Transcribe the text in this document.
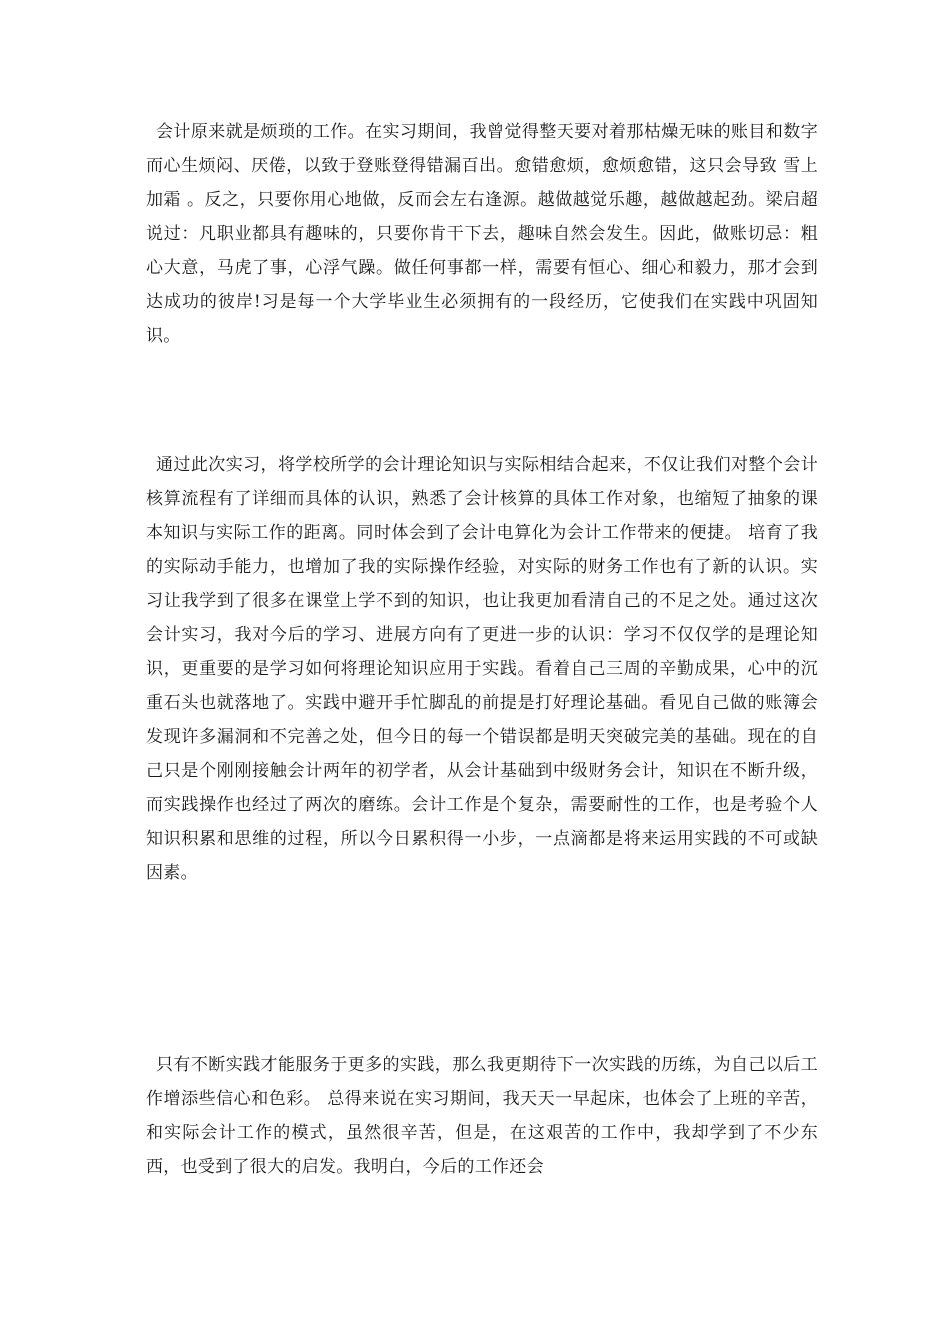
会计原来就是烦琐的工作。在实习期间，我曾觉得整天要对着那枯燥无味的账目和数字而心生烦闷、厌倦，以致于登账登得错漏百出。愈错愈烦，愈烦愈错，这只会导致 雪上加霜 。反之，只要你用心地做，反而会左右逢源。越做越觉乐趣，越做越起劲。梁启超说过：凡职业都具有趣味的，只要你肯干下去，趣味自然会发生。因此，做账切忌：粗心大意，马虎了事，心浮气躁。做任何事都一样，需要有恒心、细心和毅力，那才会到达成功的彼岸!习是每一个大学毕业生必须拥有的一段经历，它使我们在实践中巩固知识。

通过此次实习，将学校所学的会计理论知识与实际相结合起来，不仅让我们对整个会计核算流程有了详细而具体的认识，熟悉了会计核算的具体工作对象，也缩短了抽象的课本知识与实际工作的距离。同时体会到了会计电算化为会计工作带来的便捷。 培育了我的实际动手能力，也增加了我的实际操作经验，对实际的财务工作也有了新的认识。实习让我学到了很多在课堂上学不到的知识，也让我更加看清自己的不足之处。通过这次会计实习，我对今后的学习、进展方向有了更进一步的认识：学习不仅仅学的是理论知识，更重要的是学习如何将理论知识应用于实践。看着自己三周的辛勤成果，心中的沉重石头也就落地了。实践中避开手忙脚乱的前提是打好理论基础。看见自己做的账簿会发现许多漏洞和不完善之处，但今日的每一个错误都是明天突破完美的基础。现在的自己只是个刚刚接触会计两年的初学者，从会计基础到中级财务会计，知识在不断升级，而实践操作也经过了两次的磨练。会计工作是个复杂，需要耐性的工作，也是考验个人知识积累和思维的过程，所以今日累积得一小步，一点滴都是将来运用实践的不可或缺因素。

只有不断实践才能服务于更多的实践，那么我更期待下一次实践的历练，为自己以后工作增添些信心和色彩。 总得来说在实习期间，我天天一早起床，也体会了上班的辛苦，和实际会计工作的模式，虽然很辛苦，但是，在这艰苦的工作中，我却学到了不少东西，也受到了很大的启发。我明白，今后的工作还会
